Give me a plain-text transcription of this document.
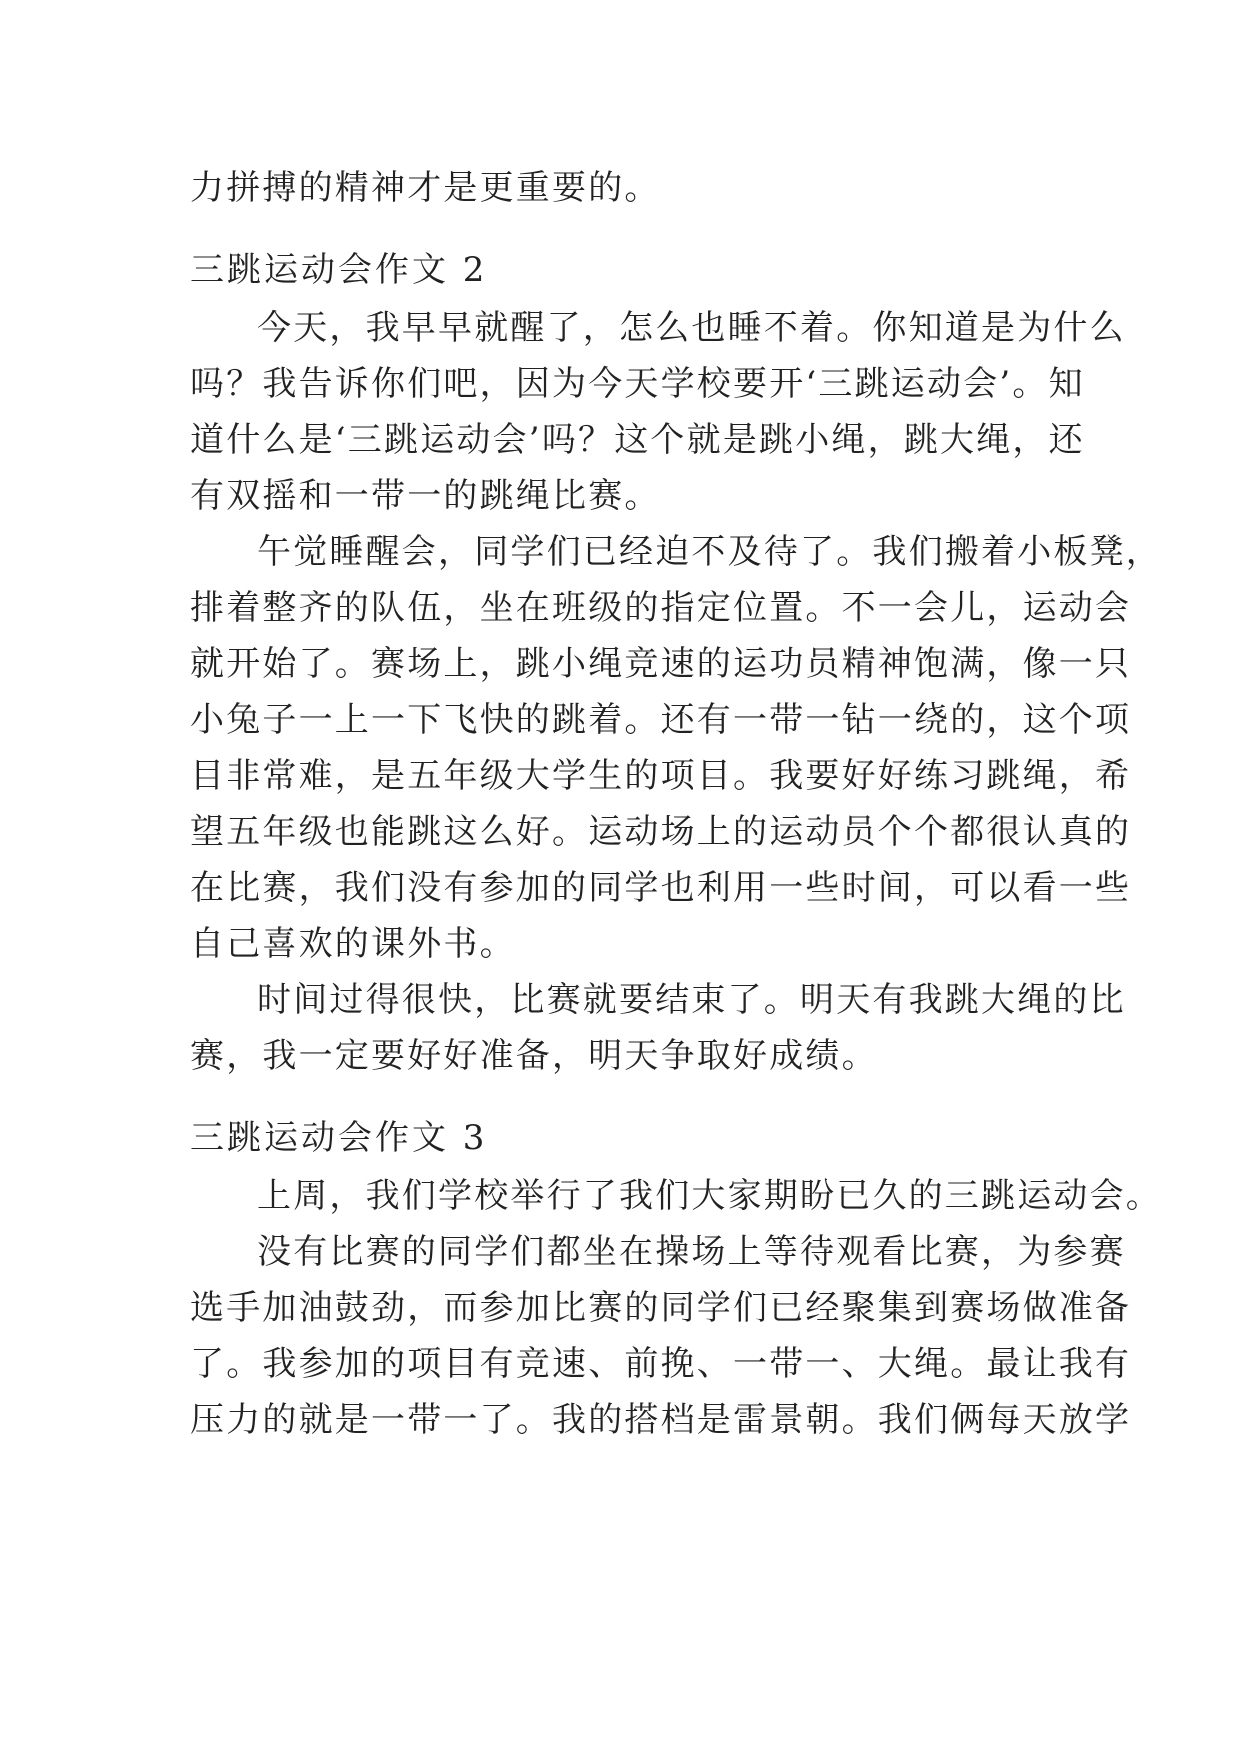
力拼搏的精神才是更重要的。
三跳运动会作文 2
今天，我早早就醒了，怎么也睡不着。你知道是为什么
吗？我告诉你们吧，因为今天学校要开‘三跳运动会’。知
道什么是‘三跳运动会’吗？这个就是跳小绳，跳大绳，还
有双摇和一带一的跳绳比赛。
午觉睡醒会，同学们已经迫不及待了。我们搬着小板凳，
排着整齐的队伍，坐在班级的指定位置。不一会儿，运动会
就开始了。赛场上，跳小绳竞速的运功员精神饱满，像一只
小兔子一上一下飞快的跳着。还有一带一钻一绕的，这个项
目非常难，是五年级大学生的项目。我要好好练习跳绳，希
望五年级也能跳这么好。运动场上的运动员个个都很认真的
在比赛，我们没有参加的同学也利用一些时间，可以看一些
自己喜欢的课外书。
时间过得很快，比赛就要结束了。明天有我跳大绳的比
赛，我一定要好好准备，明天争取好成绩。
三跳运动会作文 3
上周，我们学校举行了我们大家期盼已久的三跳运动会。
没有比赛的同学们都坐在操场上等待观看比赛，为参赛
选手加油鼓劲，而参加比赛的同学们已经聚集到赛场做准备
了。我参加的项目有竞速、前挽、一带一、大绳。最让我有
压力的就是一带一了。我的搭档是雷景朝。我们俩每天放学
